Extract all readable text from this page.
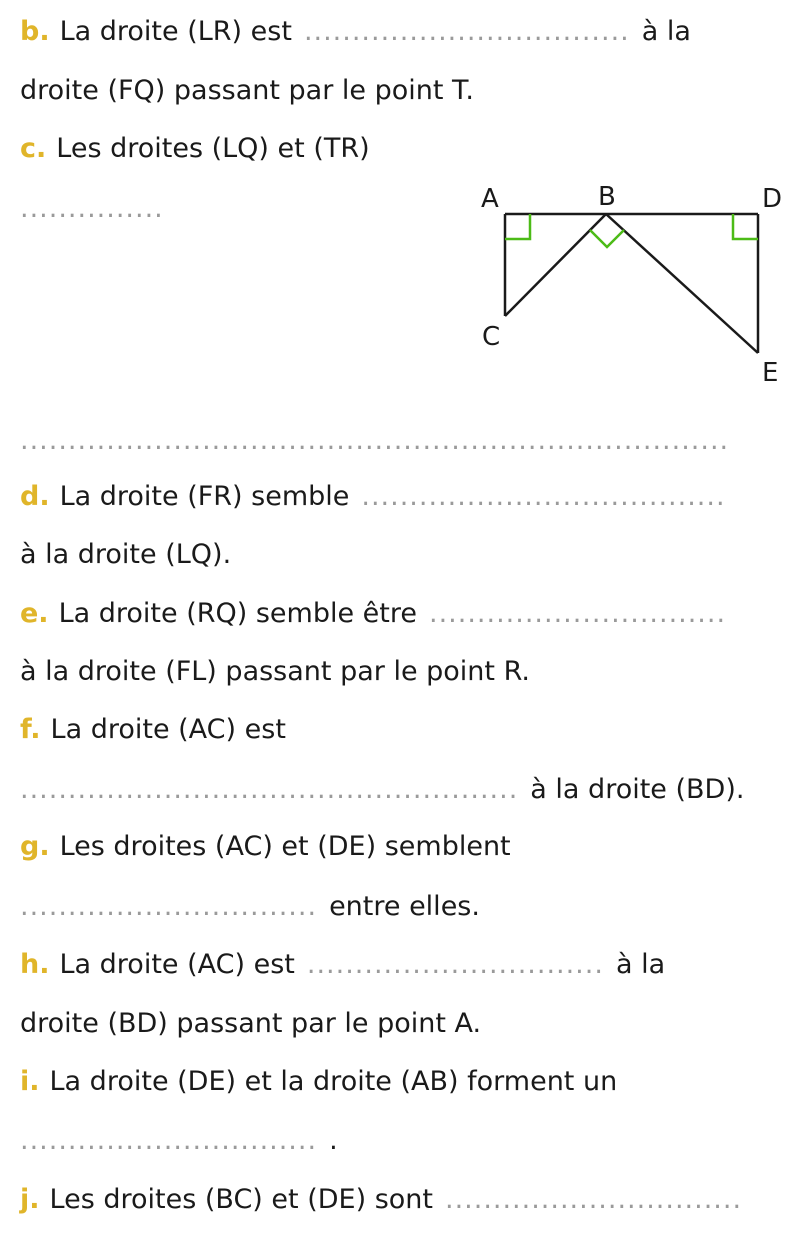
b. La droite (LR) est .................................. à la
droite (FQ) passant par le point T.
c. Les droites (LQ) et (TR)
...............	A	B	D
C
E
..........................................................................
d. La droite (FR) semble ......................................
à la droite (LQ).
e. La droite (RQ) semble être ...............................
à la droite (FL) passant par le point R.
f. La droite (AC) est
.................................................... à la droite (BD).
g. Les droites (AC) et (DE) semblent
............................... entre elles.
h. La droite (AC) est ............................... à la
droite (BD) passant par le point A.
i. La droite (DE) et la droite (AB) forment un
............................... .
j. Les droites (BC) et (DE) sont ...............................
